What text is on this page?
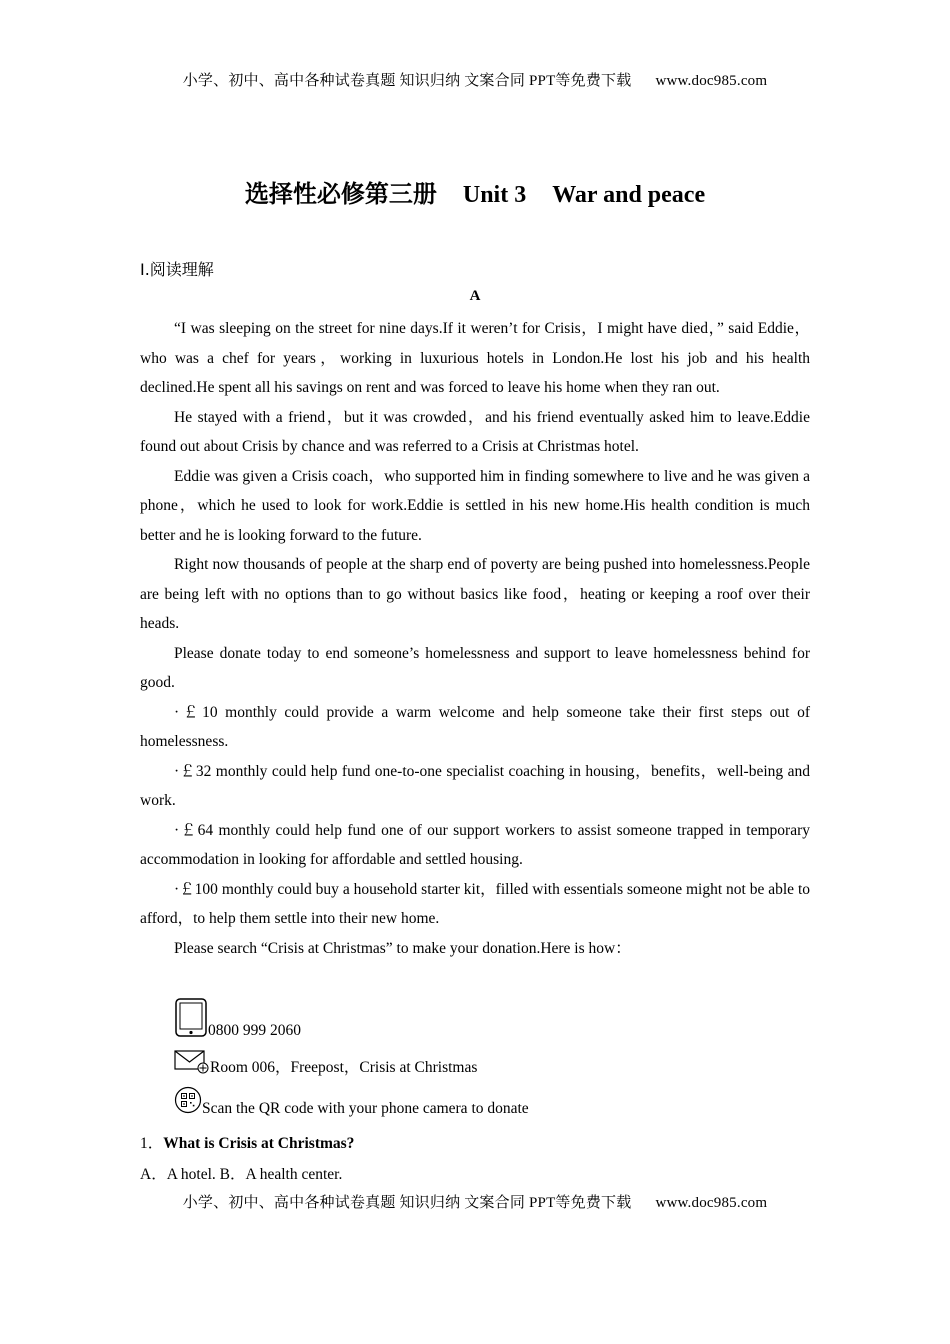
小学、初中、高中各种试卷真题 知识归纳 文案合同 PPT等免费下载 www.doc985.com
选择性必修第三册 Unit 3 War and peace
Ⅰ.阅读理解
A

“I was sleeping on the street for nine days.If it weren’t for Crisis，I might have died，” said Eddie，who was a chef for years，working in luxurious hotels in London.He lost his job and his health declined.He spent all his savings on rent and was forced to leave his home when they ran out.

He stayed with a friend，but it was crowded，and his friend eventually asked him to leave.Eddie found out about Crisis by chance and was referred to a Crisis at Christmas hotel.

Eddie was given a Crisis coach，who supported him in finding somewhere to live and he was given a phone，which he used to look for work.Eddie is settled in his new home.His health condition is much better and he is looking forward to the future.

Right now thousands of people at the sharp end of poverty are being pushed into homelessness.People are being left with no options than to go without basics like food，heating or keeping a roof over their heads.

Please donate today to end someone’s homelessness and support to leave homelessness behind for good.

·￡10 monthly could provide a warm welcome and help someone take their first steps out of homelessness.

·￡32 monthly could help fund one-to-one specialist coaching in housing，benefits，well-being and work.

·￡64 monthly could help fund one of our support workers to assist someone trapped in temporary accommodation in looking for affordable and settled housing.

·￡100 monthly could buy a household starter kit，filled with essentials someone might not be able to afford，to help them settle into their new home.

Please search “Crisis at Christmas” to make your donation.Here is how：

0800 999 2060
Room 006，Freepost，Crisis at Christmas
Scan the QR code with your phone camera to donate
1．What is Crisis at Christmas?
A．A hotel. B．A health center.
小学、初中、高中各种试卷真题 知识归纳 文案合同 PPT等免费下载 www.doc985.com
